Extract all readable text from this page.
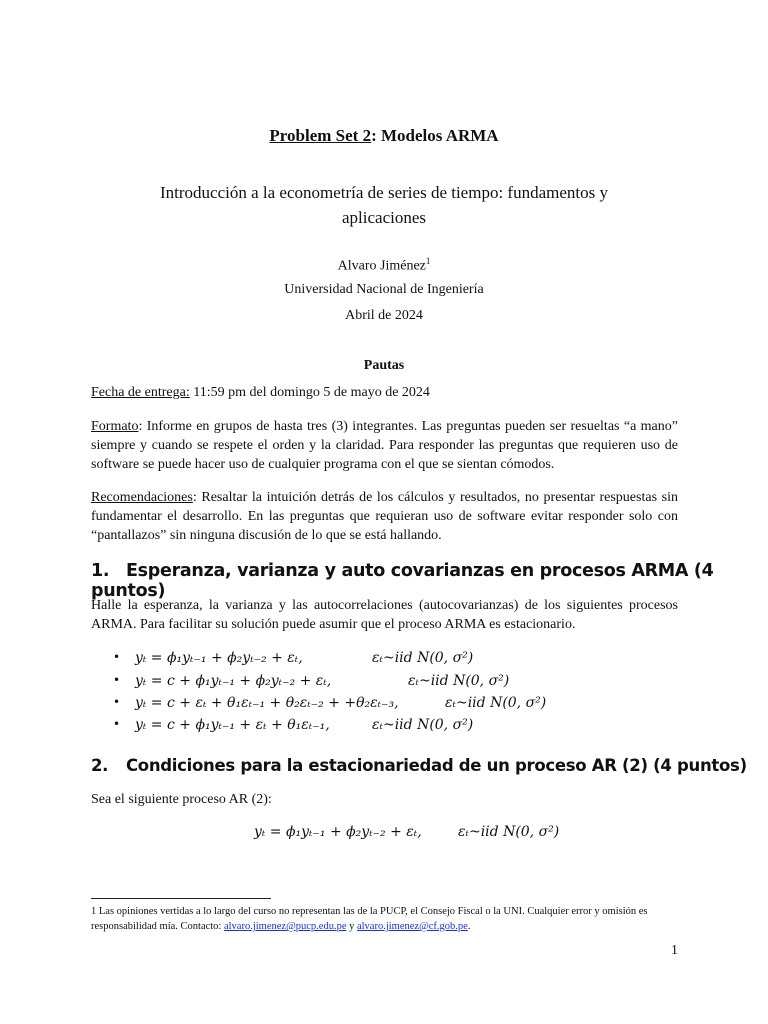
Problem Set 2: Modelos ARMA
Introducción a la econometría de series de tiempo: fundamentos y aplicaciones
Alvaro Jiménez$^1$
Universidad Nacional de Ingeniería
Abril de 2024
Pautas
Fecha de entrega: 11:59 pm del domingo 5 de mayo de 2024
Formato: Informe en grupos de hasta tres (3) integrantes. Las preguntas pueden ser resueltas “a mano” siempre y cuando se respete el orden y la claridad. Para responder las preguntas que requieren uso de software se puede hacer uso de cualquier programa con el que se sientan cómodos.
Recomendaciones: Resaltar la intuición detrás de los cálculos y resultados, no presentar respuestas sin fundamentar el desarrollo. En las preguntas que requieran uso de software evitar responder solo con “pantallazos” sin ninguna discusión de lo que se está hallando.
1. Esperanza, varianza y auto covarianzas en procesos ARMA (4 puntos)
Halle la esperanza, la varianza y las autocorrelaciones (autocovarianzas) de los siguientes procesos ARMA. Para facilitar su solución puede asumir que el proceso ARMA es estacionario.
• yₜ = ϕ₁yₜ₋₁ + ϕ₂yₜ₋₂ + εₜ,	εₜ~iid N(0, σ²)
• yₜ = c + ϕ₁yₜ₋₁ + ϕ₂yₜ₋₂ + εₜ,	εₜ~iid N(0, σ²)
• yₜ = c + εₜ + θ₁εₜ₋₁ + θ₂εₜ₋₂ + +θ₂εₜ₋₃,	εₜ~iid N(0, σ²)
• yₜ = c + ϕ₁yₜ₋₁ + εₜ + θ₁εₜ₋₁,	εₜ~iid N(0, σ²)
2. Condiciones para la estacionariedad de un proceso AR (2) (4 puntos)
Sea el siguiente proceso AR (2):
yₜ = ϕ₁yₜ₋₁ + ϕ₂yₜ₋₂ + εₜ,	εₜ~iid N(0, σ²)
1 Las opiniones vertidas a lo largo del curso no representan las de la PUCP, el Consejo Fiscal o la UNI. Cualquier error y omisión es responsabilidad mía. Contacto: alvaro.jimenez@pucp.edu.pe y alvaro.jimenez@cf.gob.pe.
1
